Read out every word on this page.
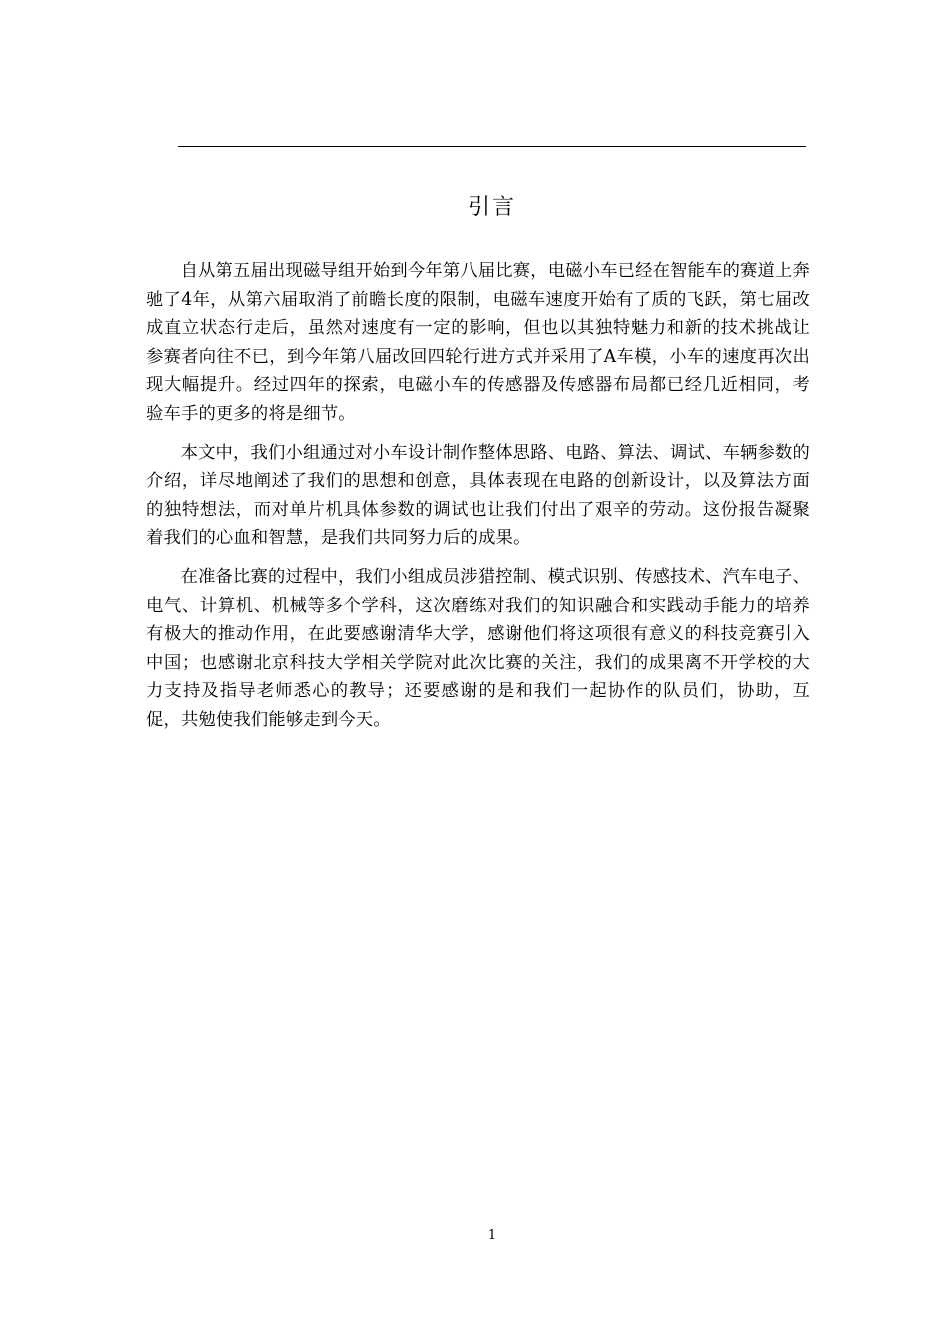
引言

自从第五届出现磁导组开始到今年第八届比赛，电磁小车已经在智能车的赛道上奔驰了4年，从第六届取消了前瞻长度的限制，电磁车速度开始有了质的飞跃，第七届改成直立状态行走后，虽然对速度有一定的影响，但也以其独特魅力和新的技术挑战让参赛者向往不已，到今年第八届改回四轮行进方式并采用了A车模，小车的速度再次出现大幅提升。经过四年的探索，电磁小车的传感器及传感器布局都已经几近相同，考验车手的更多的将是细节。

本文中，我们小组通过对小车设计制作整体思路、电路、算法、调试、车辆参数的介绍，详尽地阐述了我们的思想和创意，具体表现在电路的创新设计，以及算法方面的独特想法，而对单片机具体参数的调试也让我们付出了艰辛的劳动。这份报告凝聚着我们的心血和智慧，是我们共同努力后的成果。

在准备比赛的过程中，我们小组成员涉猎控制、模式识别、传感技术、汽车电子、电气、计算机、机械等多个学科，这次磨练对我们的知识融合和实践动手能力的培养有极大的推动作用，在此要感谢清华大学，感谢他们将这项很有意义的科技竞赛引入中国；也感谢北京科技大学相关学院对此次比赛的关注，我们的成果离不开学校的大力支持及指导老师悉心的教导；还要感谢的是和我们一起协作的队员们，协助，互促，共勉使我们能够走到今天。

1
